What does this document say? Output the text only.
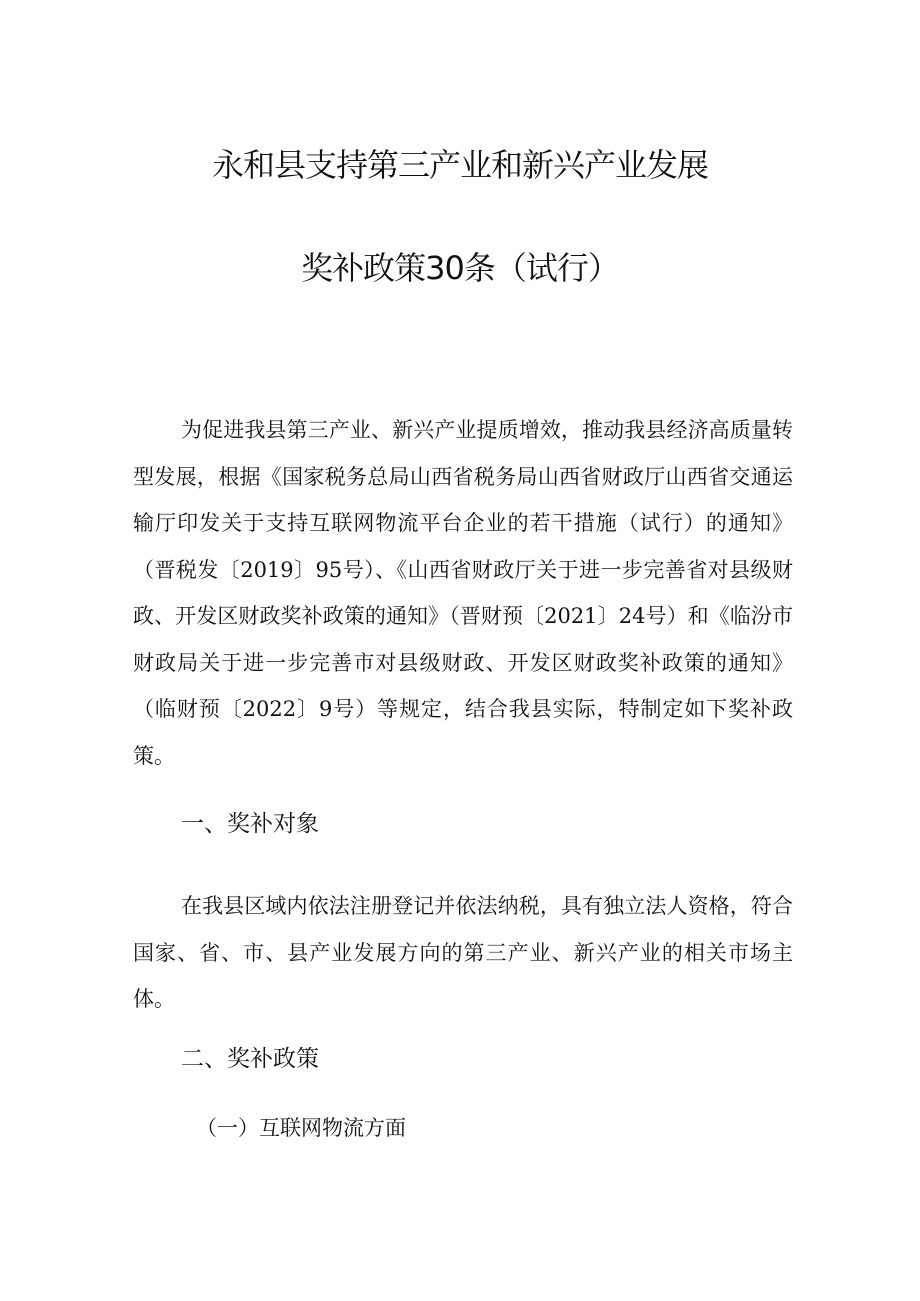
永和县支持第三产业和新兴产业发展
奖补政策30条（试行）

为促进我县第三产业、新兴产业提质增效，推动我县经济高质量转型发展，根据《国家税务总局山西省税务局山西省财政厅山西省交通运输厅印发关于支持互联网物流平台企业的若干措施（试行）的通知》（晋税发〔2019〕95号）、《山西省财政厅关于进一步完善省对县级财政、开发区财政奖补政策的通知》（晋财预〔2021〕24号）和《临汾市财政局关于进一步完善市对县级财政、开发区财政奖补政策的通知》（临财预〔2022〕9号）等规定，结合我县实际，特制定如下奖补政策。

一、奖补对象

在我县区域内依法注册登记并依法纳税，具有独立法人资格，符合国家、省、市、县产业发展方向的第三产业、新兴产业的相关市场主体。

二、奖补政策
（一）互联网物流方面
